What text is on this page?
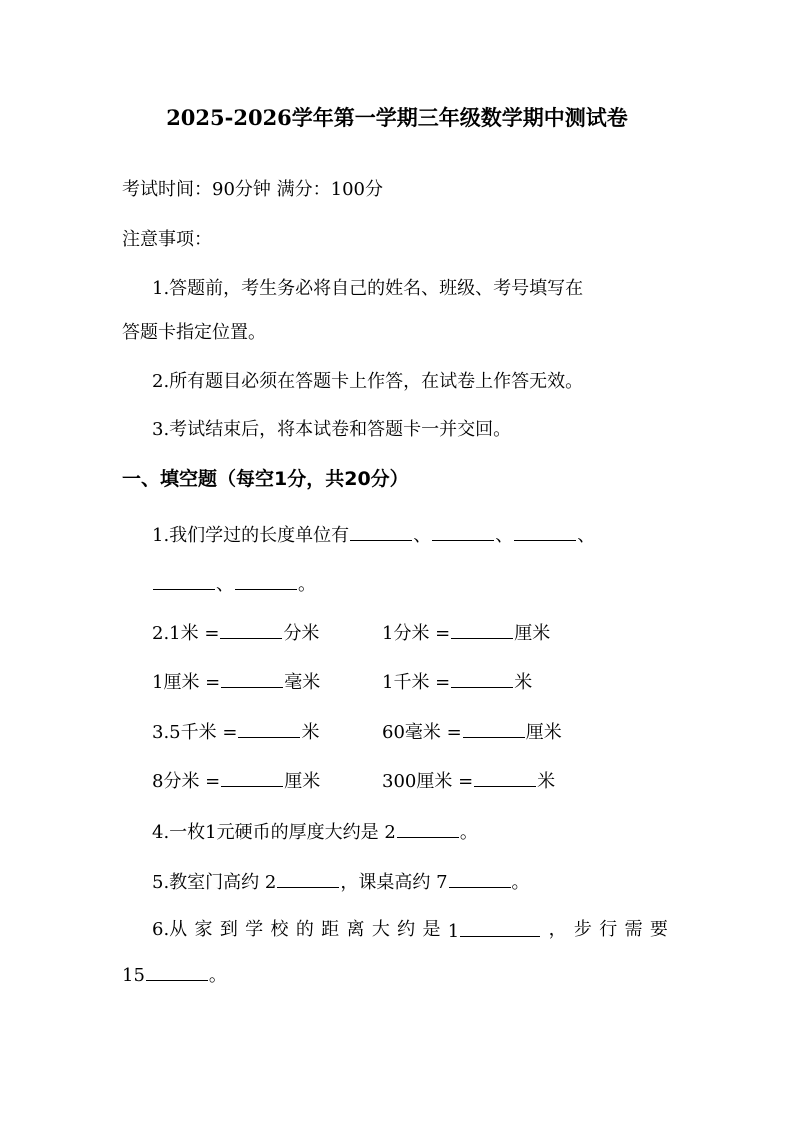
2025-2026学年第一学期三年级数学期中测试卷
考试时间：90分钟 满分：100分
注意事项：
1.答题前，考生务必将自己的姓名、班级、考号填写在
答题卡指定位置。
2.所有题目必须在答题卡上作答，在试卷上作答无效。
3.考试结束后，将本试卷和答题卡一并交回。
一、填空题（每空1分，共20分）
1.我们学过的长度单位有	、	、	、
、	。
2.1米 =	分米	1分米 =	厘米
1厘米 =	毫米	1千米 =	米
3.5千米 =	米	60毫米 =	厘米
8分米 =	厘米	300厘米 =	米
4.一枚1元硬币的厚度大约是 2	。
5.教室门高约 2	，课桌高约 7	。
6.从 家 到 学 校 的 距 离 大 约 是 1	， 步 行 需 要
15	。
